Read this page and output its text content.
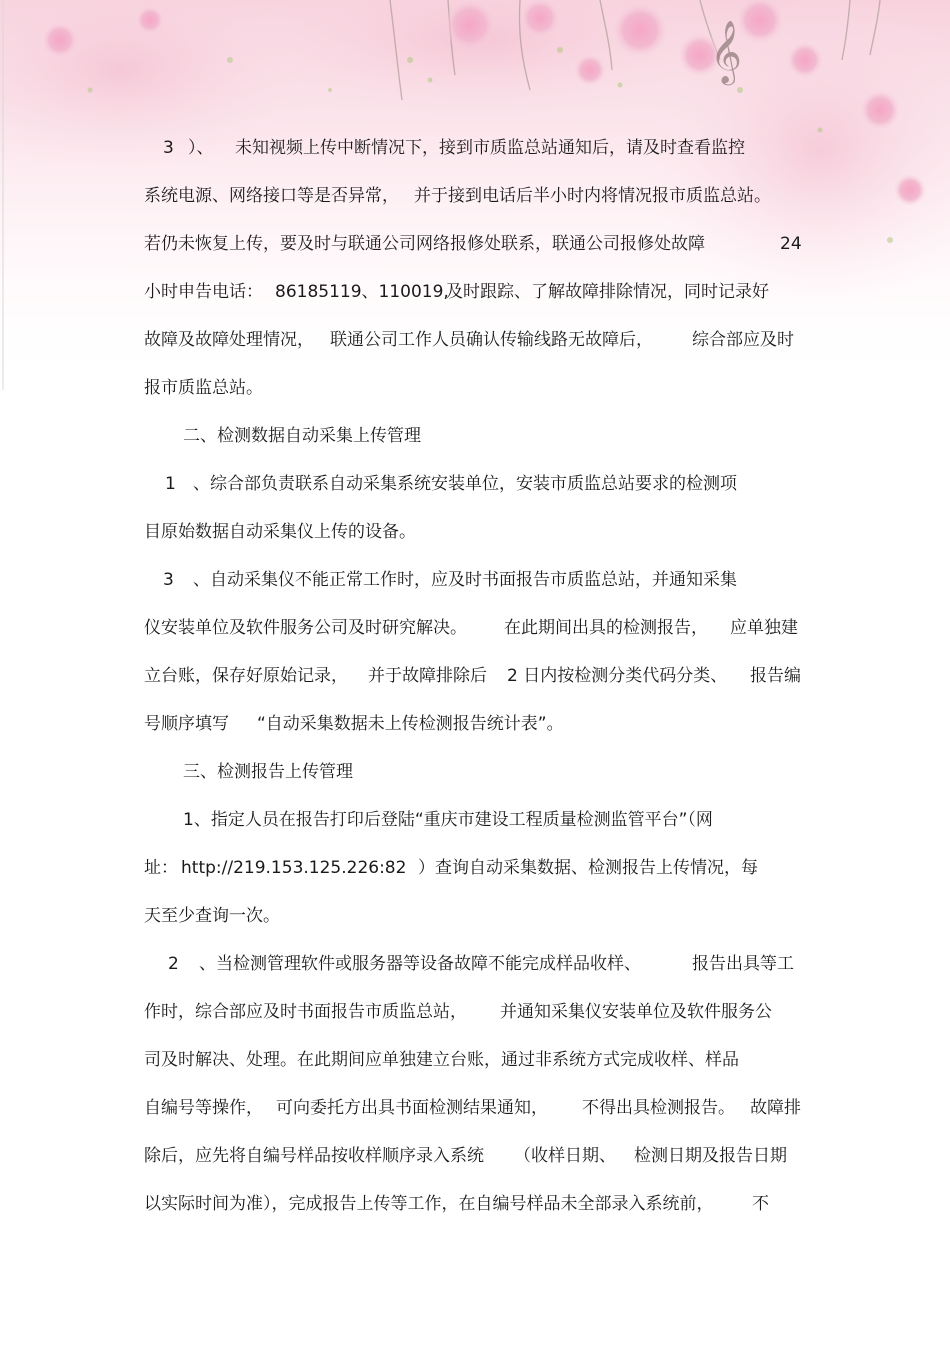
𝄞

3

）、

未知视频上传中断情况下，接到市质监总站通知后，请及时查看监控

系统电源、网络接口等是否异常，

并于接到电话后半小时内将情况报市质监总站。

若仍未恢复上传，要及时与联通公司网络报修处联系，联通公司报修处故障

	24

小时申告电话：

86185119、110019,

及时跟踪、了解故障排除情况，同时记录好

故障及故障处理情况，

联通公司工作人员确认传输线路无故障后，

综合部应及时

报市质监总站。

二、检测数据自动采集上传管理

1

、综合部负责联系自动采集系统安装单位，安装市质监总站要求的检测项

目原始数据自动采集仪上传的设备。

3

、自动采集仪不能正常工作时，应及时书面报告市质监总站，并通知采集

仪安装单位及软件服务公司及时研究解决。

在此期间出具的检测报告，

应单独建

立台账，保存好原始记录，

并于故障排除后

2 日内按检测分类代码分类、

报告编

号顺序填写

“自动采集数据未上传检测报告统计表”。

三、检测报告上传管理

1、指定人员在报告打印后登陆“重庆市建设工程质量检测监管平台”（网

址：

http://219.153.125.226:82

）查询自动采集数据、检测报告上传情况，每

天至少查询一次。

2

、当检测管理软件或服务器等设备故障不能完成样品收样、

	报告出具等工

作时，综合部应及时书面报告市质监总站，

并通知采集仪安装单位及软件服务公

司及时解决、处理。在此期间应单独建立台账，通过非系统方式完成收样、样品

自编号等操作，

可向委托方出具书面检测结果通知，

不得出具检测报告。

故障排

除后，应先将自编号样品按收样顺序录入系统

（收样日期、

检测日期及报告日期

以实际时间为准），完成报告上传等工作，在自编号样品未全部录入系统前，

不
